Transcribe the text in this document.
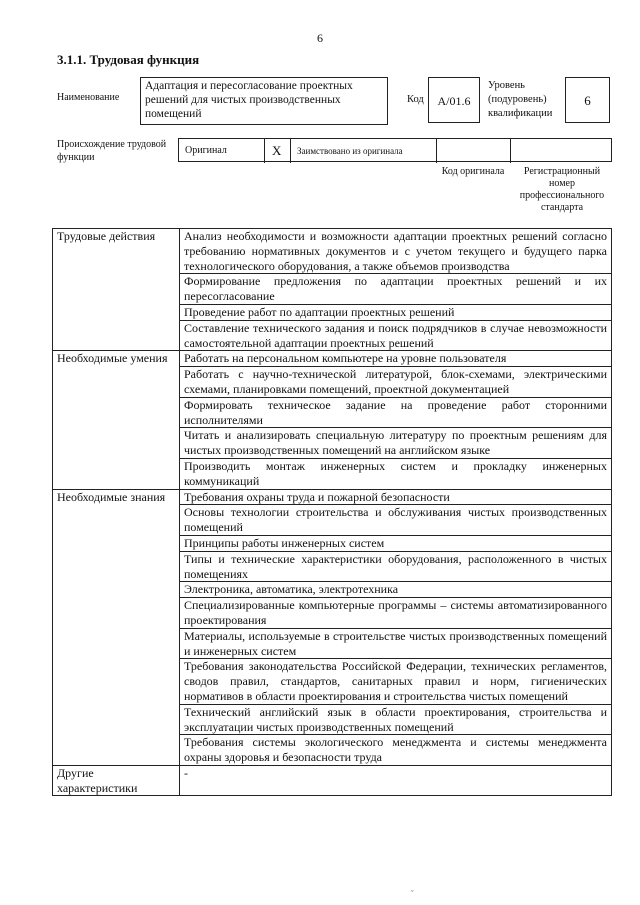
6
3.1.1. Трудовая функция
Наименование
Адаптация и пересогласование проектных решений для чистых производственных помещений
Код	A/01.6
Уровень (подуровень) квалификации
6
Происхождение трудовой функции
Оригинал	X	Заимствовано из оригинала
Код оригинала	Регистрационный номер профессионального стандарта
Трудовые действия	Анализ необходимости и возможности адаптации проектных решений согласно требованию нормативных документов и с учетом текущего и будущего парка технологического оборудования, а также объемов производства
	Формирование предложения по адаптации проектных решений и их пересогласование
	Проведение работ по адаптации проектных решений
	Составление технического задания и поиск подрядчиков в случае невозможности самостоятельной адаптации проектных решений
Необходимые умения	Работать на персональном компьютере на уровне пользователя
	Работать с научно-технической литературой, блок-схемами, электрическими схемами, планировками помещений, проектной документацией
	Формировать техническое задание на проведение работ сторонними исполнителями
	Читать и анализировать специальную литературу по проектным решениям для чистых производственных помещений на английском языке
	Производить монтаж инженерных систем и прокладку инженерных коммуникаций
Необходимые знания	Требования охраны труда и пожарной безопасности
	Основы технологии строительства и обслуживания чистых производственных помещений
	Принципы работы инженерных систем
	Типы и технические характеристики оборудования, расположенного в чистых помещениях
	Электроника, автоматика, электротехника
	Специализированные компьютерные программы – системы автоматизированного проектирования
	Материалы, используемые в строительстве чистых производственных помещений и инженерных систем
	Требования законодательства Российской Федерации, технических регламентов, сводов правил, стандартов, санитарных правил и норм, гигиенических нормативов в области проектирования и строительства чистых помещений
	Технический английский язык в области проектирования, строительства и эксплуатации чистых производственных помещений
	Требования системы экологического менеджмента и системы менеджмента охраны здоровья и безопасности труда
Другие характеристики	-
ˇ
